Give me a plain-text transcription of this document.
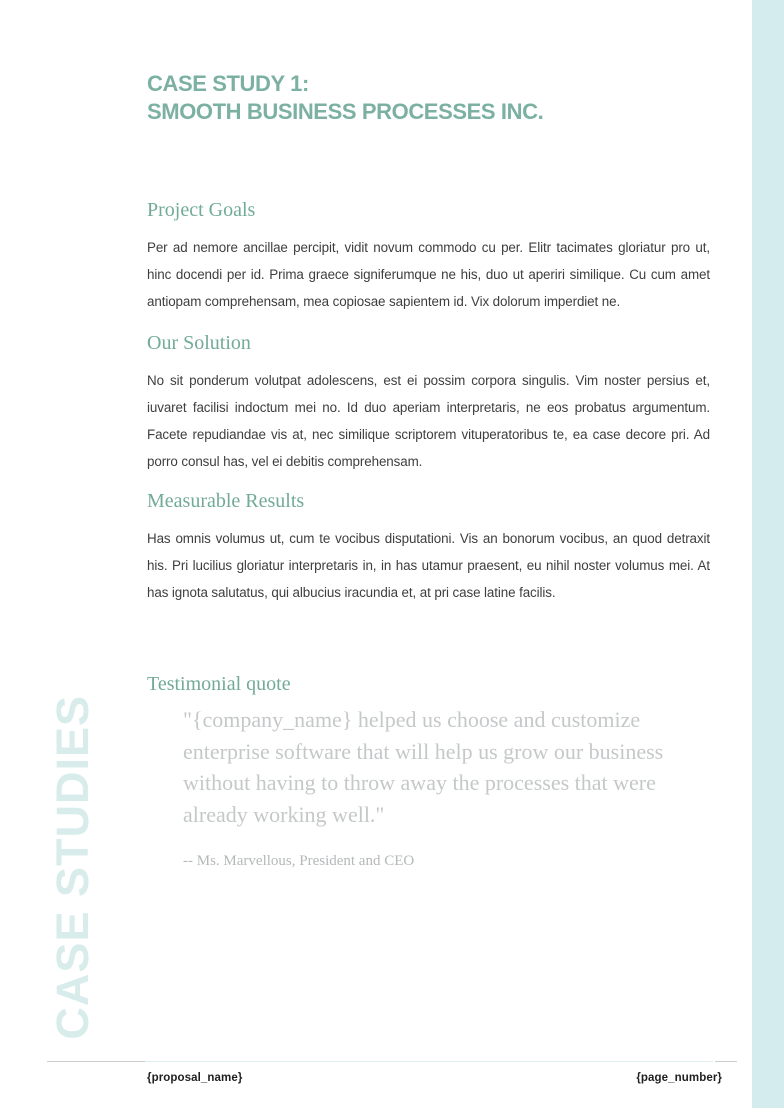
CASE STUDIES
CASE STUDY 1:
SMOOTH BUSINESS PROCESSES INC.
Project Goals

Per ad nemore ancillae percipit, vidit novum commodo cu per. Elitr tacimates gloriatur pro ut, hinc docendi per id. Prima graece signiferumque ne his, duo ut aperiri similique. Cu cum amet antiopam comprehensam, mea copiosae sapientem id. Vix dolorum imperdiet ne.

Our Solution

No sit ponderum volutpat adolescens, est ei possim corpora singulis. Vim noster persius et, iuvaret facilisi indoctum mei no. Id duo aperiam interpretaris, ne eos probatus argumentum. Facete repudiandae vis at, nec similique scriptorem vituperatoribus te, ea case decore pri. Ad porro consul has, vel ei debitis comprehensam.

Measurable Results

Has omnis volumus ut, cum te vocibus disputationi. Vis an bonorum vocibus, an quod detraxit his. Pri lucilius gloriatur interpretaris in, in has utamur praesent, eu nihil noster volumus mei. At has ignota salutatus, qui albucius iracundia et, at pri case latine facilis.

Testimonial quote
"{company_name} helped us choose and customize enterprise software that will help us grow our business without having to throw away the processes that were already working well."
-- Ms. Marvellous, President and CEO
{proposal_name}	{page_number}
